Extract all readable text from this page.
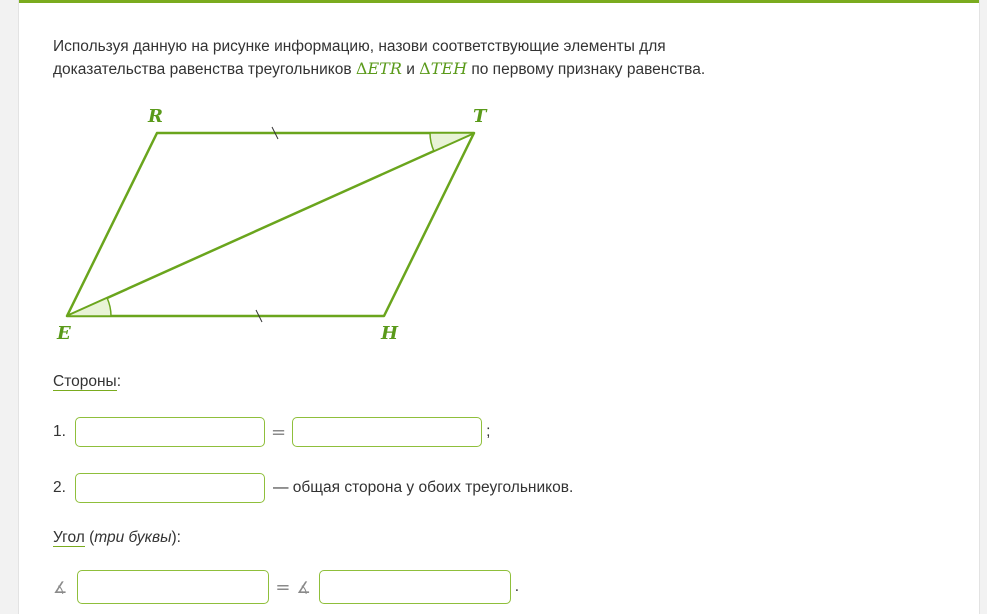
Используя данную на рисунке информацию, назови соответствующие элементы для
доказательства равенства треугольников ΔETR и ΔTEH по первому признаку равенства.
R	T
E	H
Стороны:
1.	=	;
2.	— общая сторона у обоих треугольников.
Угол (три буквы):
∡	= ∡	.
